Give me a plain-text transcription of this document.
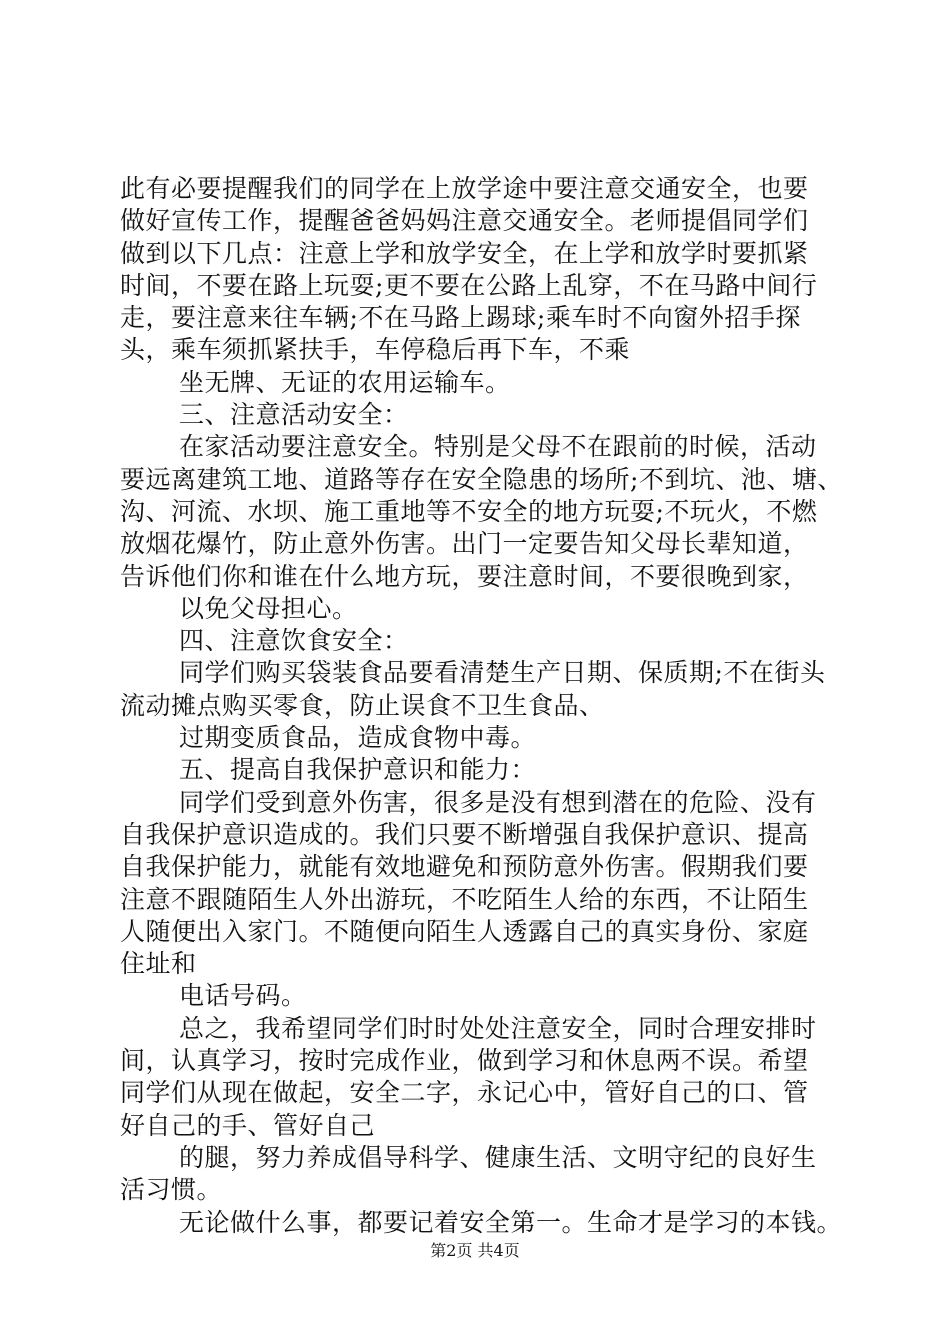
此有必要提醒我们的同学在上放学途中要注意交通安全，也要
做好宣传工作，提醒爸爸妈妈注意交通安全。老师提倡同学们
做到以下几点：注意上学和放学安全，在上学和放学时要抓紧
时间，不要在路上玩耍;更不要在公路上乱穿，不在马路中间行
走，要注意来往车辆;不在马路上踢球;乘车时不向窗外招手探
头，乘车须抓紧扶手，车停稳后再下车，不乘
坐无牌、无证的农用运输车。
三、注意活动安全：
在家活动要注意安全。特别是父母不在跟前的时候，活动
要远离建筑工地、道路等存在安全隐患的场所;不到坑、池、塘、
沟、河流、水坝、施工重地等不安全的地方玩耍;不玩火，不燃
放烟花爆竹，防止意外伤害。出门一定要告知父母长辈知道，
告诉他们你和谁在什么地方玩，要注意时间，不要很晚到家，
以免父母担心。
四、注意饮食安全：
同学们购买袋装食品要看清楚生产日期、保质期;不在街头
流动摊点购买零食，防止误食不卫生食品、
过期变质食品，造成食物中毒。
五、提高自我保护意识和能力：
同学们受到意外伤害，很多是没有想到潜在的危险、没有
自我保护意识造成的。我们只要不断增强自我保护意识、提高
自我保护能力，就能有效地避免和预防意外伤害。假期我们要
注意不跟随陌生人外出游玩，不吃陌生人给的东西，不让陌生
人随便出入家门。不随便向陌生人透露自己的真实身份、家庭
住址和
电话号码。
总之，我希望同学们时时处处注意安全，同时合理安排时
间，认真学习，按时完成作业，做到学习和休息两不误。希望
同学们从现在做起，安全二字，永记心中，管好自己的口、管
好自己的手、管好自己
的腿，努力养成倡导科学、健康生活、文明守纪的良好生
活习惯。
无论做什么事，都要记着安全第一。生命才是学习的本钱。
第2页 共4页
